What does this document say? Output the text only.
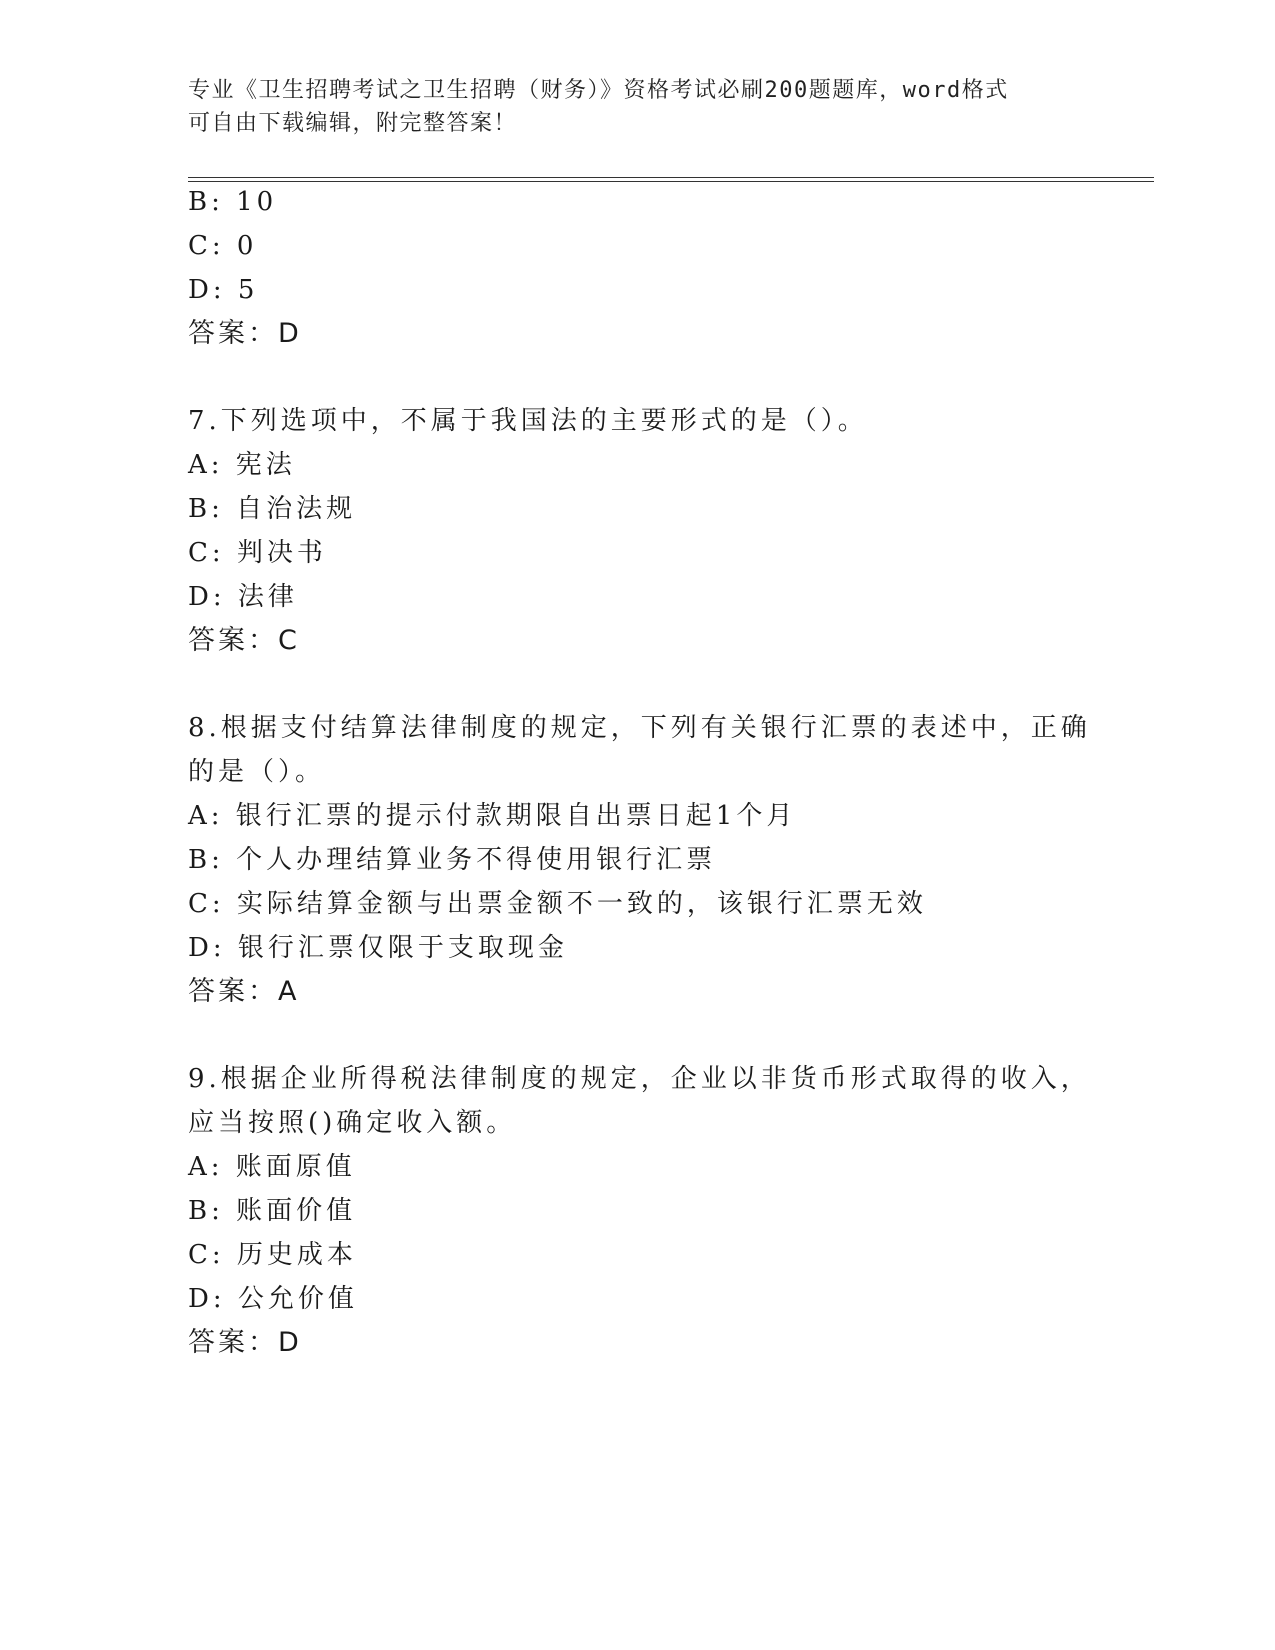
专业《卫生招聘考试之卫生招聘（财务）》资格考试必刷200题题库，word格式
可自由下载编辑，附完整答案！
B: 10
C: 0
D: 5
答案：D
7.下列选项中，不属于我国法的主要形式的是（）。
A: 宪法
B: 自治法规
C: 判决书
D: 法律
答案：C
8.根据支付结算法律制度的规定，下列有关银行汇票的表述中，正确
的是（）。
A: 银行汇票的提示付款期限自出票日起1个月
B: 个人办理结算业务不得使用银行汇票
C: 实际结算金额与出票金额不一致的，该银行汇票无效
D: 银行汇票仅限于支取现金
答案：A
9.根据企业所得税法律制度的规定，企业以非货币形式取得的收入，
应当按照()确定收入额。
A: 账面原值
B: 账面价值
C: 历史成本
D: 公允价值
答案：D
